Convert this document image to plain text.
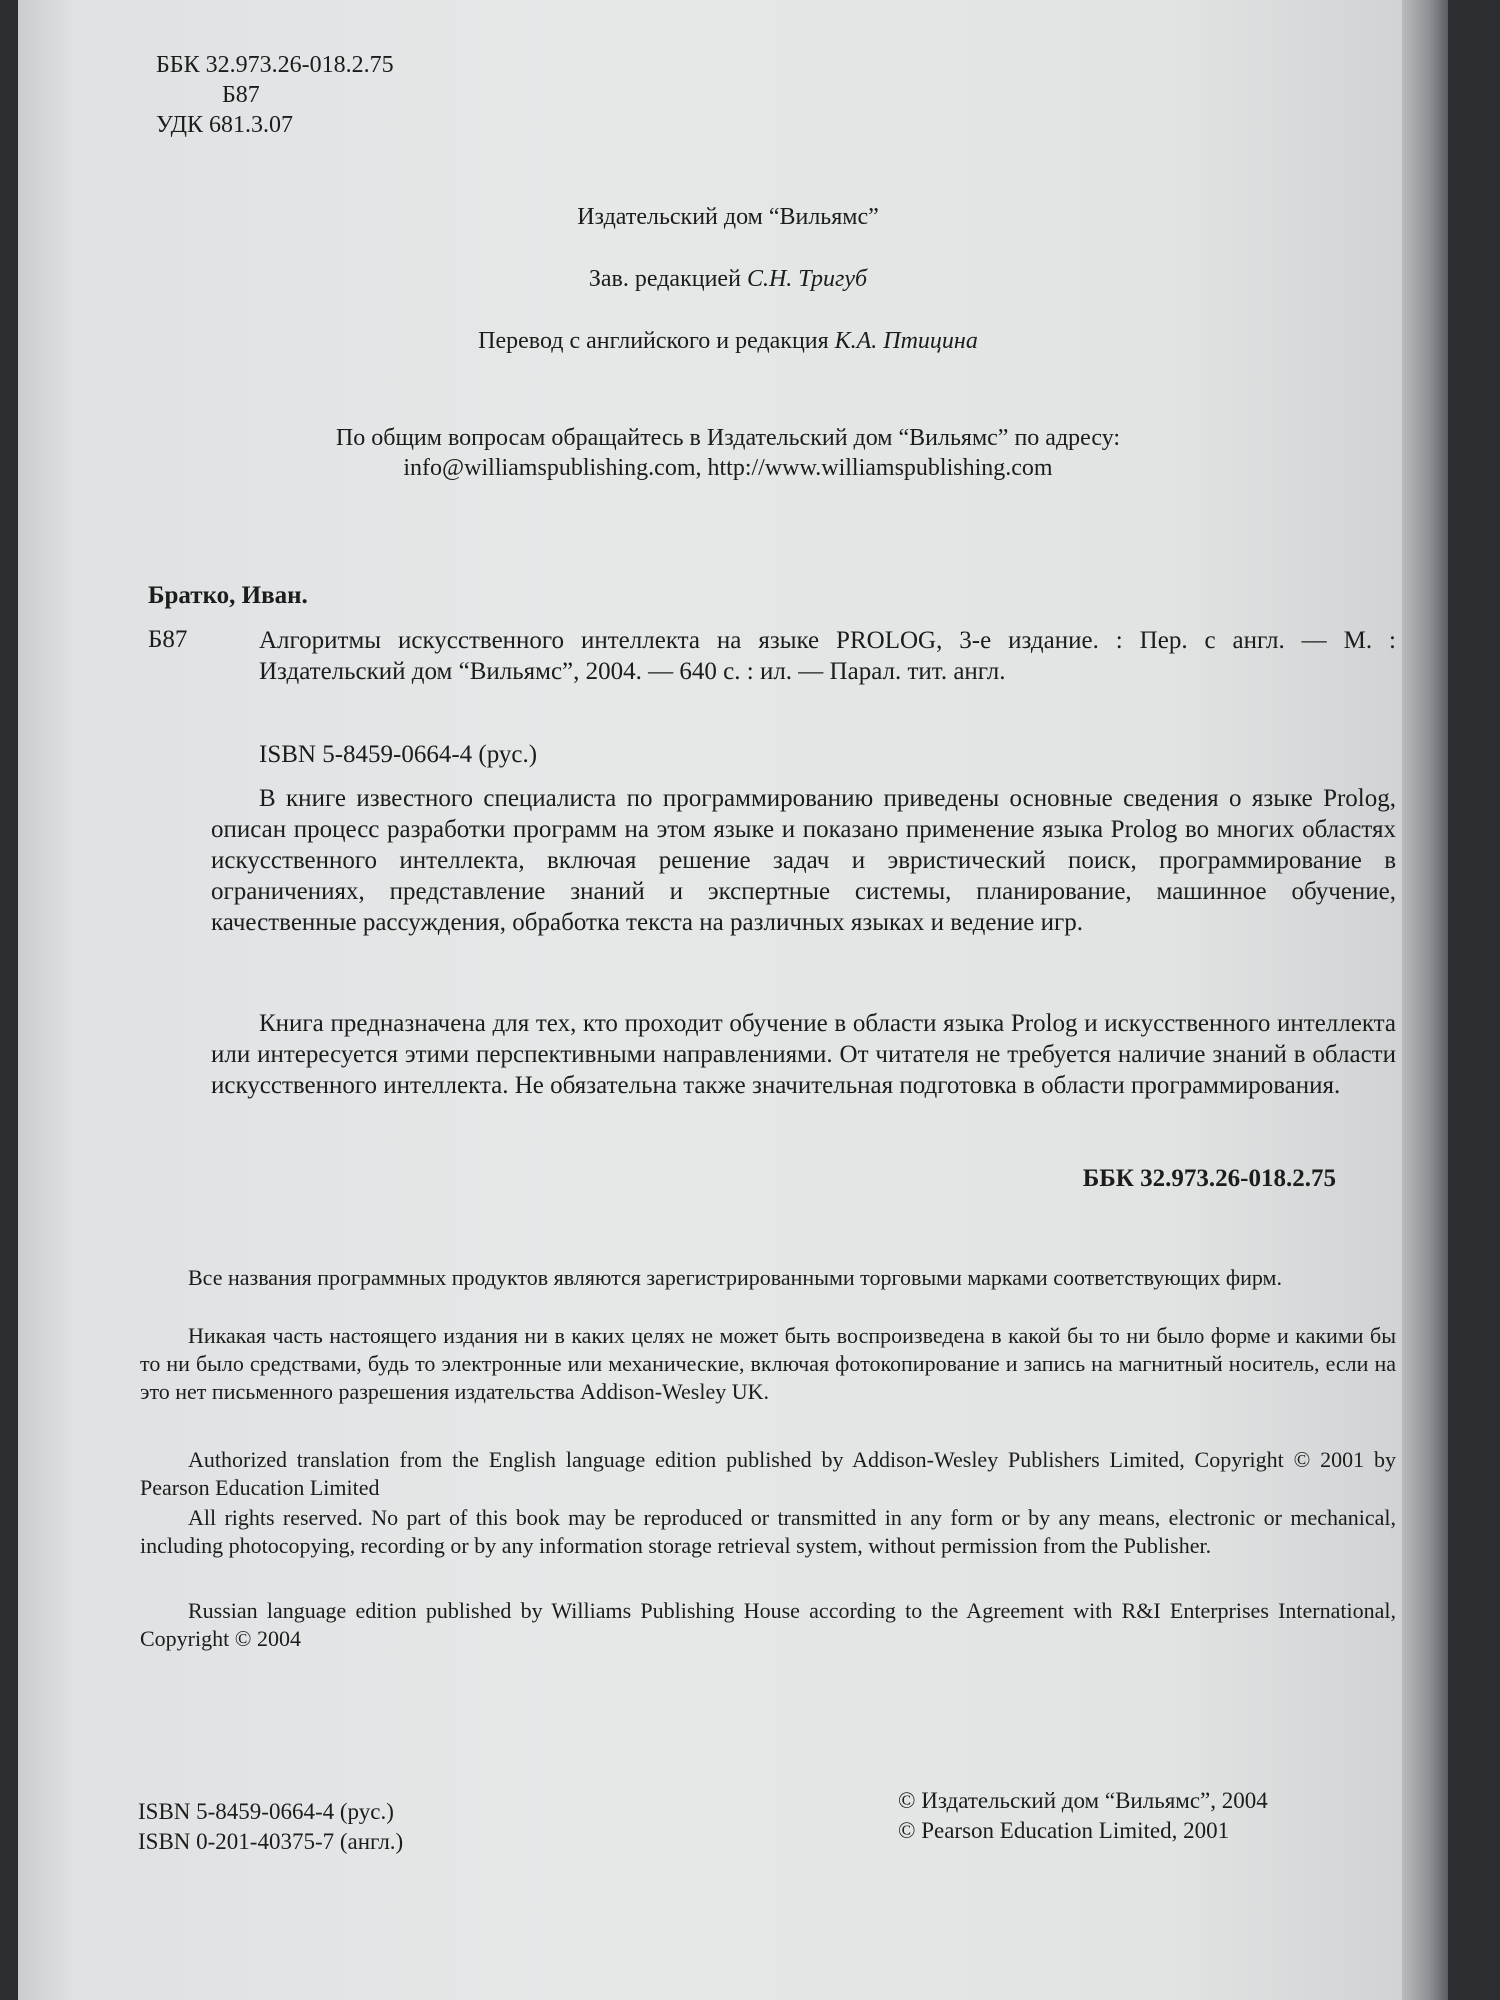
ББК 32.973.26-018.2.75
Б87
УДК 681.3.07
Издательский дом “Вильямс”
Зав. редакцией С.Н. Тригуб
Перевод с английского и редакция К.А. Птицина
По общим вопросам обращайтесь в Издательский дом “Вильямс” по адресу:
info@williamspublishing.com, http://www.williamspublishing.com
Братко, Иван.
Б87	Алгоритмы искусственного интеллекта на языке PROLOG, 3-е издание. : Пер. с англ. — М. : Издательский дом “Вильямс”, 2004. — 640 с. : ил. — Парал. тит. англ.
ISBN 5-8459-0664-4 (рус.)
В книге известного специалиста по программированию приведены основные сведения о языке Prolog, описан процесс разработки программ на этом языке и показано применение языка Prolog во многих областях искусственного интеллекта, включая решение задач и эвристический поиск, программирование в ограничениях, представление знаний и экспертные системы, планирование, машинное обучение, качественные рассуждения, обработка текста на различных языках и ведение игр.
Книга предназначена для тех, кто проходит обучение в области языка Prolog и искусственного интеллекта или интересуется этими перспективными направлениями. От читателя не требуется наличие знаний в области искусственного интеллекта. Не обязательна также значительная подготовка в области программирования.
ББК 32.973.26-018.2.75
Все названия программных продуктов являются зарегистрированными торговыми марками соответствующих фирм.
Никакая часть настоящего издания ни в каких целях не может быть воспроизведена в какой бы то ни было форме и какими бы то ни было средствами, будь то электронные или механические, включая фотокопирование и запись на магнитный носитель, если на это нет письменного разрешения издательства Addison-Wesley UK.
Authorized translation from the English language edition published by Addison-Wesley Publishers Limited, Copyright © 2001 by Pearson Education Limited
All rights reserved. No part of this book may be reproduced or transmitted in any form or by any means, electronic or mechanical, including photocopying, recording or by any information storage retrieval system, without permission from the Publisher.
Russian language edition published by Williams Publishing House according to the Agreement with R&I Enterprises International, Copyright © 2004
ISBN 5-8459-0664-4 (рус.)
ISBN 0-201-40375-7 (англ.)
© Издательский дом “Вильямс”, 2004
© Pearson Education Limited, 2001
